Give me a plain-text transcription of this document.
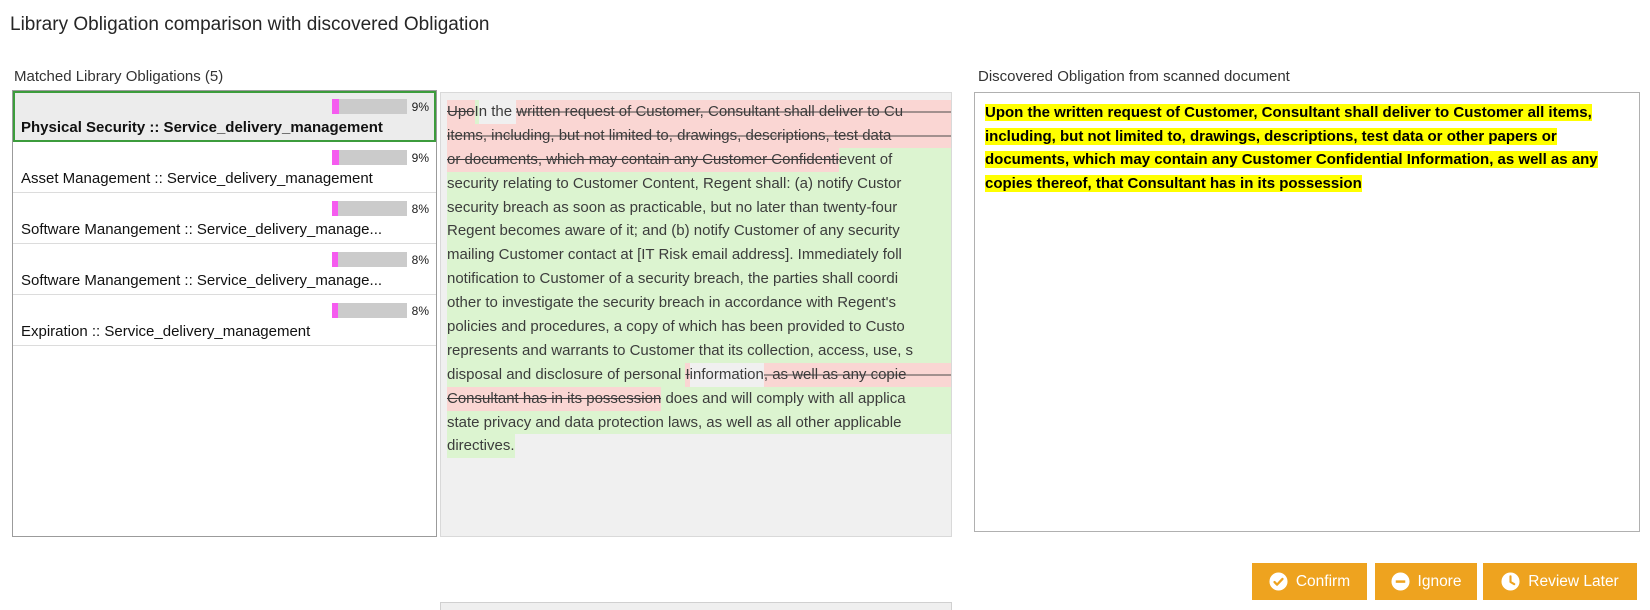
Library Obligation comparison with discovered Obligation
Matched Library Obligations (5)	Discovered Obligation from scanned document
9%
Physical Security :: Service_delivery_management
9%
Asset Management :: Service_delivery_management
8%
Software Manangement :: Service_delivery_manage...
8%
Software Manangement :: Service_delivery_manage...
8%
Expiration :: Service_delivery_management
Upo I n the written request of Customer, Consultant shall deliver to Cu
items, including, but not limited to, drawings, descriptions, test data
or documents, which may contain any Customer Confidenti event of
security relating to Customer Content, Regent shall: (a) notify Custor
security breach as soon as practicable, but no later than twenty-four
Regent becomes aware of it; and (b) notify Customer of any security
mailing Customer contact at [IT Risk email address]. Immediately foll
notification to Customer of a security breach, the parties shall coordi
other to investigate the security breach in accordance with Regent's
policies and procedures, a copy of which has been provided to Custo
represents and warrants to Customer that its collection, access, use, s
disposal and disclosure of personal I information , as well as any copie
Consultant has in its possession does and will comply with all applica
state privacy and data protection laws, as well as all other applicable
directives.
Upon the written request of Customer, Consultant shall deliver to Customer all items, including, but not limited to, drawings, descriptions, test data or other papers or documents, which may contain any Customer Confidential Information, as well as any copies thereof, that Consultant has in its possession
Confirm	Ignore	Review Later
